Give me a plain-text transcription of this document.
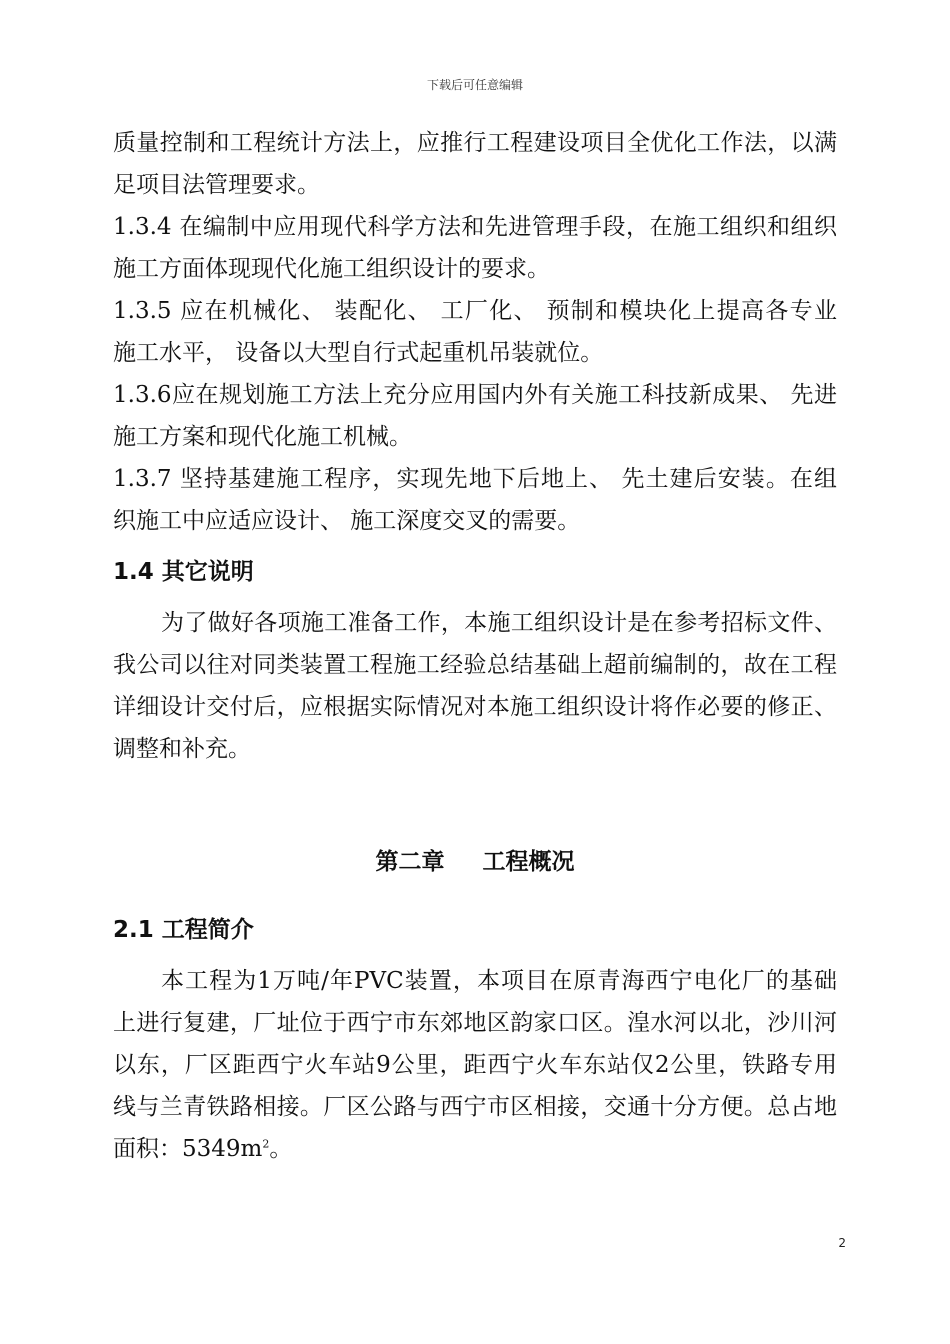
下载后可任意编辑
质量控制和工程统计方法上，应推行工程建设项目全优化工作法，以满
足项目法管理要求。
1.3.4 在编制中应用现代科学方法和先进管理手段，在施工组织和组织
施工方面体现现代化施工组织设计的要求。
1.3.5 应在机械化、 装配化、 工厂化、 预制和模块化上提高各专业
施工水平， 设备以大型自行式起重机吊装就位。
1.3.6应在规划施工方法上充分应用国内外有关施工科技新成果、 先进
施工方案和现代化施工机械。
1.3.7 坚持基建施工程序，实现先地下后地上、 先土建后安装。在组
织施工中应适应设计、 施工深度交叉的需要。
1.4 其它说明
为了做好各项施工准备工作，本施工组织设计是在参考招标文件、
我公司以往对同类装置工程施工经验总结基础上超前编制的，故在工程
详细设计交付后，应根据实际情况对本施工组织设计将作必要的修正、
调整和补充。
第二章 工程概况
2.1 工程简介
本工程为1万吨/年PVC装置，本项目在原青海西宁电化厂的基础
上进行复建，厂址位于西宁市东郊地区韵家口区。湟水河以北，沙川河
以东，厂区距西宁火车站9公里，距西宁火车东站仅2公里，铁路专用
线与兰青铁路相接。厂区公路与西宁市区相接，交通十分方便。总占地
面积：$5349m^2$。
2
